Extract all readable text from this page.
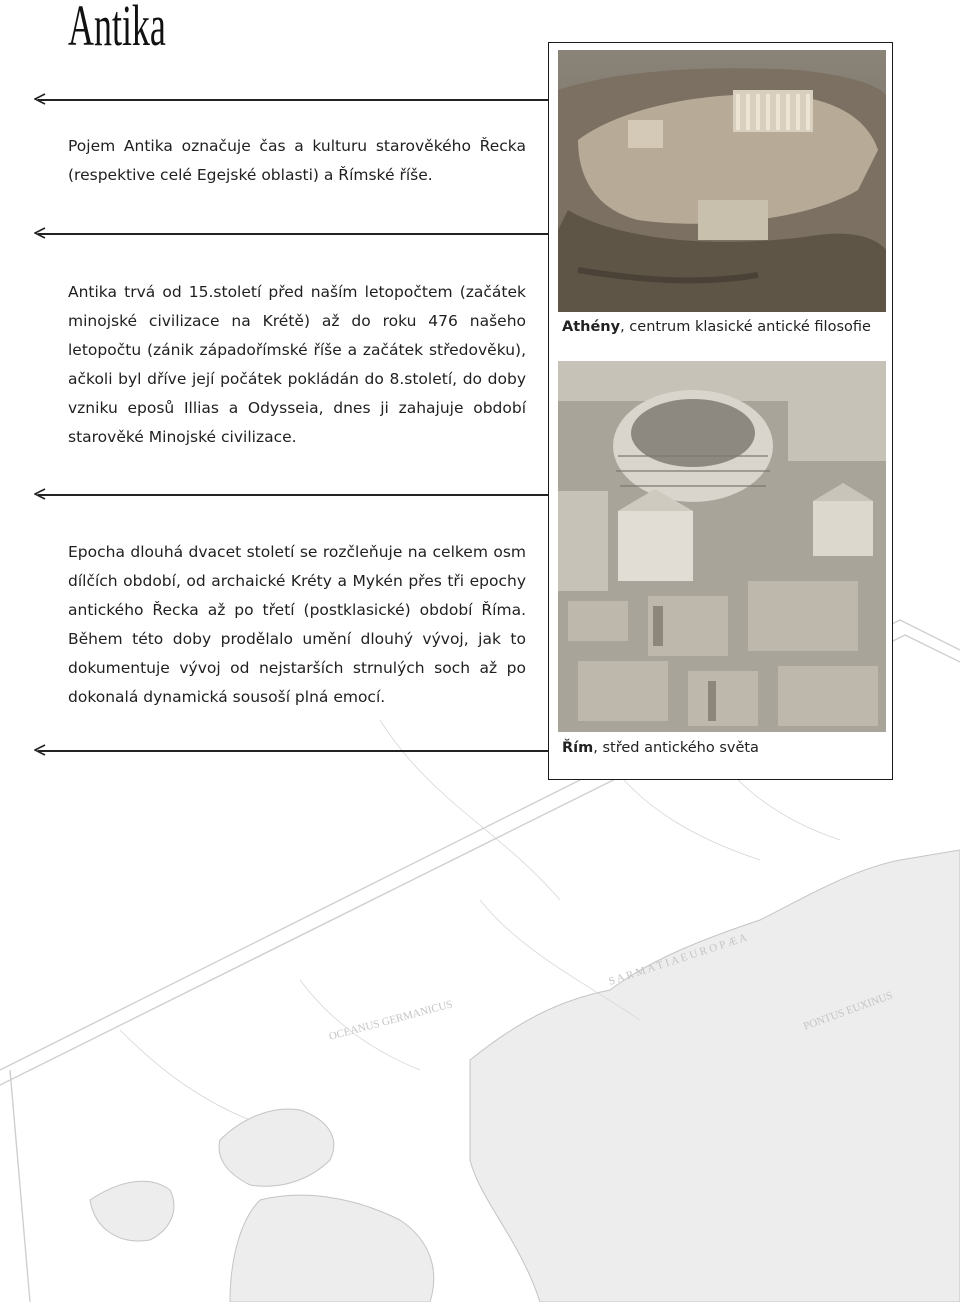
S A R M A T I A E U R O P Æ A
OCEANUS GERMANICUS	PONTUS EUXINUS
Antika

Pojem Antika označuje čas a kulturu starověkého Řecka (respektive celé Egejské oblasti) a Římské říše.

Antika trvá od 15.století před naším letopočtem (začátek minojské civilizace na Krétě) až do roku 476 našeho letopočtu (zánik západořímské říše a začátek středověku), ačkoli byl dříve její počátek pokládán do 8.století, do doby vzniku eposů Illias a Odysseia, dnes ji zahajuje období starověké Minojské civilizace.

Epocha dlouhá dvacet století se rozčleňuje na celkem osm dílčích období, od archaické Kréty a Mykén přes tři epochy antického Řecka až po třetí (postklasické) období Říma. Během této doby prodělalo umění dlouhý vývoj, jak to dokumentuje vývoj od nejstarších strnulých soch až po dokonalá dynamická sousoší plná emocí.

Athény, centrum klasické antické filosofie
Řím, střed antického světa
